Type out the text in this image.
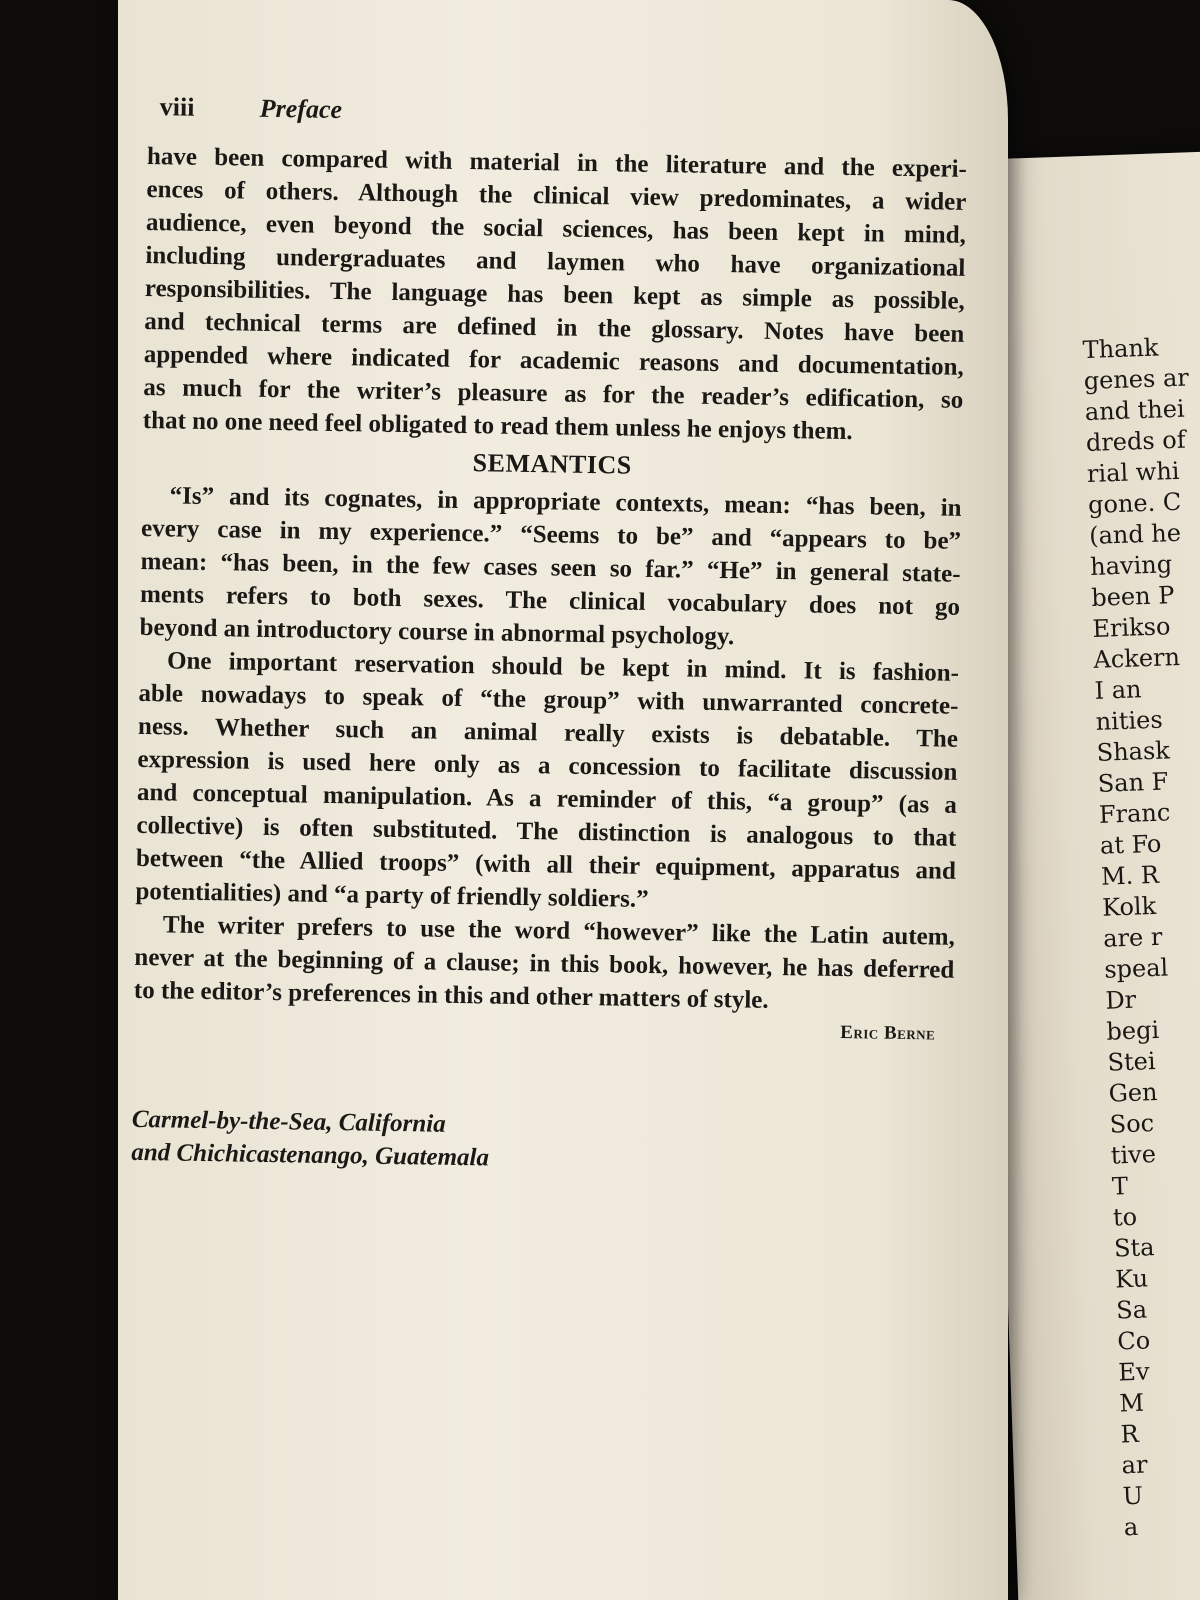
Thank
genes ar
and thei
dreds of
rial whi
gone. C
(and he
having
been P
Erikso
Ackern
I an
nities
Shask
San F
Franc
at Fo
M. R
Kolk
are r
speal
Dr
begi
Stei
Gen
Soc
tive
T
to
Sta
Ku
Sa
Co
Ev
M
R
ar
U
a
viii Preface
have been compared with material in the literature and the experi-
ences of others. Although the clinical view predominates, a wider
audience, even beyond the social sciences, has been kept in mind,
including undergraduates and laymen who have organizational
responsibilities. The language has been kept as simple as possible,
and technical terms are defined in the glossary. Notes have been
appended where indicated for academic reasons and documentation,
as much for the writer’s pleasure as for the reader’s edification, so
that no one need feel obligated to read them unless he enjoys them.
SEMANTICS
“Is” and its cognates, in appropriate contexts, mean: “has been, in
every case in my experience.” “Seems to be” and “appears to be”
mean: “has been, in the few cases seen so far.” “He” in general state-
ments refers to both sexes. The clinical vocabulary does not go
beyond an introductory course in abnormal psychology.
One important reservation should be kept in mind. It is fashion-
able nowadays to speak of “the group” with unwarranted concrete-
ness. Whether such an animal really exists is debatable. The
expression is used here only as a concession to facilitate discussion
and conceptual manipulation. As a reminder of this, “a group” (as a
collective) is often substituted. The distinction is analogous to that
between “the Allied troops” (with all their equipment, apparatus and
potentialities) and “a party of friendly soldiers.”
The writer prefers to use the word “however” like the Latin autem,
never at the beginning of a clause; in this book, however, he has deferred
to the editor’s preferences in this and other matters of style.
Eric Berne
Carmel-by-the-Sea, California
and Chichicastenango, Guatemala
